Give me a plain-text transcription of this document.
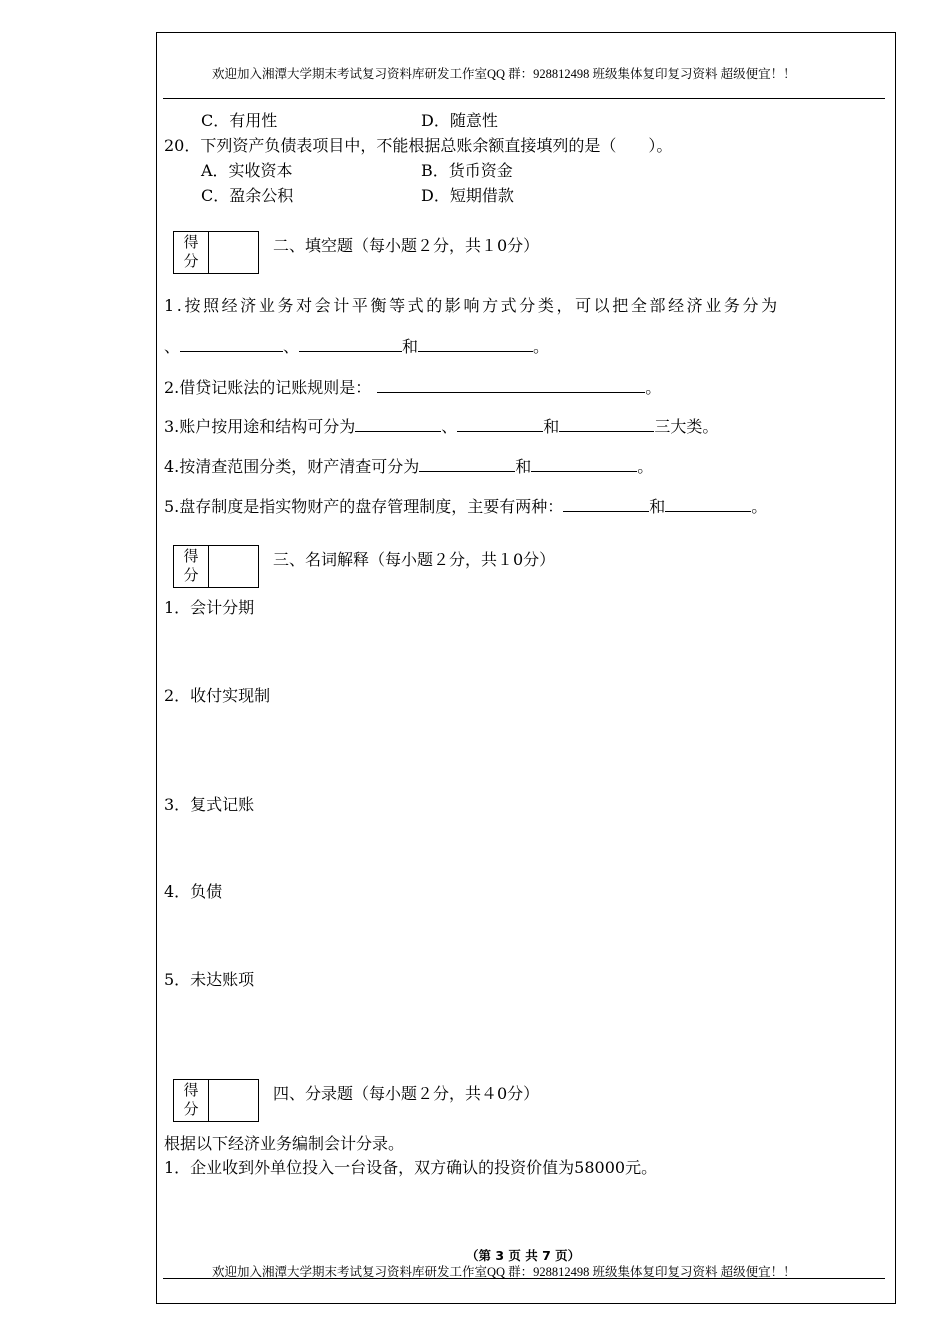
欢迎加入湘潭大学期末考试复习资料库研发工作室QQ 群：928812498 班级集体复印复习资料 超级便宜！！
C．有用性	D．随意性
20．下列资产负债表项目中，不能根据总账余额直接填列的是（　　）。
A．实收资本	B．货币资金
C．盈余公积	D．短期借款
得
分
二、填空题（每小题２分，共１0分）
1.按照经济业务对会计平衡等式的影响方式分类，可以把全部经济业务分为
、	、	和	。
2.借贷记账法的记账规则是：	。
3.账户按用途和结构可分为	、	和	三大类。
4.按清查范围分类，财产清查可分为	和	。
5.盘存制度是指实物财产的盘存管理制度，主要有两种：	和	。
得
分
三、名词解释（每小题２分，共１0分）
1．会计分期
2．收付实现制
3．复式记账
4．负债
5．未达账项
得
分
四、分录题（每小题２分，共４0分）
根据以下经济业务编制会计分录。
1．企业收到外单位投入一台设备，双方确认的投资价值为58000元。
（第 3 页 共 7 页）
欢迎加入湘潭大学期末考试复习资料库研发工作室QQ 群：928812498 班级集体复印复习资料 超级便宜！！
